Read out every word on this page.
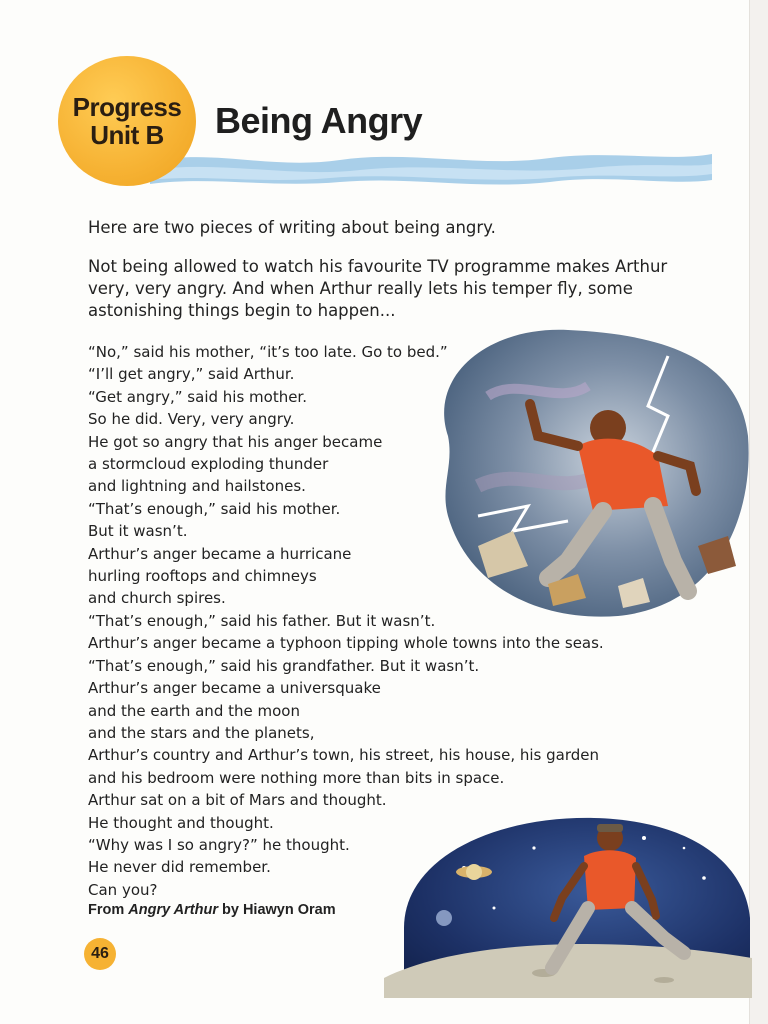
Progress
Unit B Being Angry
Here are two pieces of writing about being angry.
Not being allowed to watch his favourite TV programme makes Arthur
very, very angry. And when Arthur really lets his temper fly, some
astonishing things begin to happen...
“No,” said his mother, “it’s too late. Go to bed.”
“I’ll get angry,” said Arthur.
“Get angry,” said his mother.
So he did. Very, very angry.
He got so angry that his anger became
a stormcloud exploding thunder
and lightning and hailstones.
“That’s enough,” said his mother.
But it wasn’t.
Arthur’s anger became a hurricane
hurling rooftops and chimneys
and church spires.
“That’s enough,” said his father. But it wasn’t.
Arthur’s anger became a typhoon tipping whole towns into the seas.
“That’s enough,” said his grandfather. But it wasn’t.
Arthur’s anger became a universquake
and the earth and the moon
and the stars and the planets,
Arthur’s country and Arthur’s town, his street, his house, his garden
and his bedroom were nothing more than bits in space.
Arthur sat on a bit of Mars and thought.
He thought and thought.
“Why was I so angry?” he thought.
He never did remember.
Can you?
From Angry Arthur by Hiawyn Oram
46
